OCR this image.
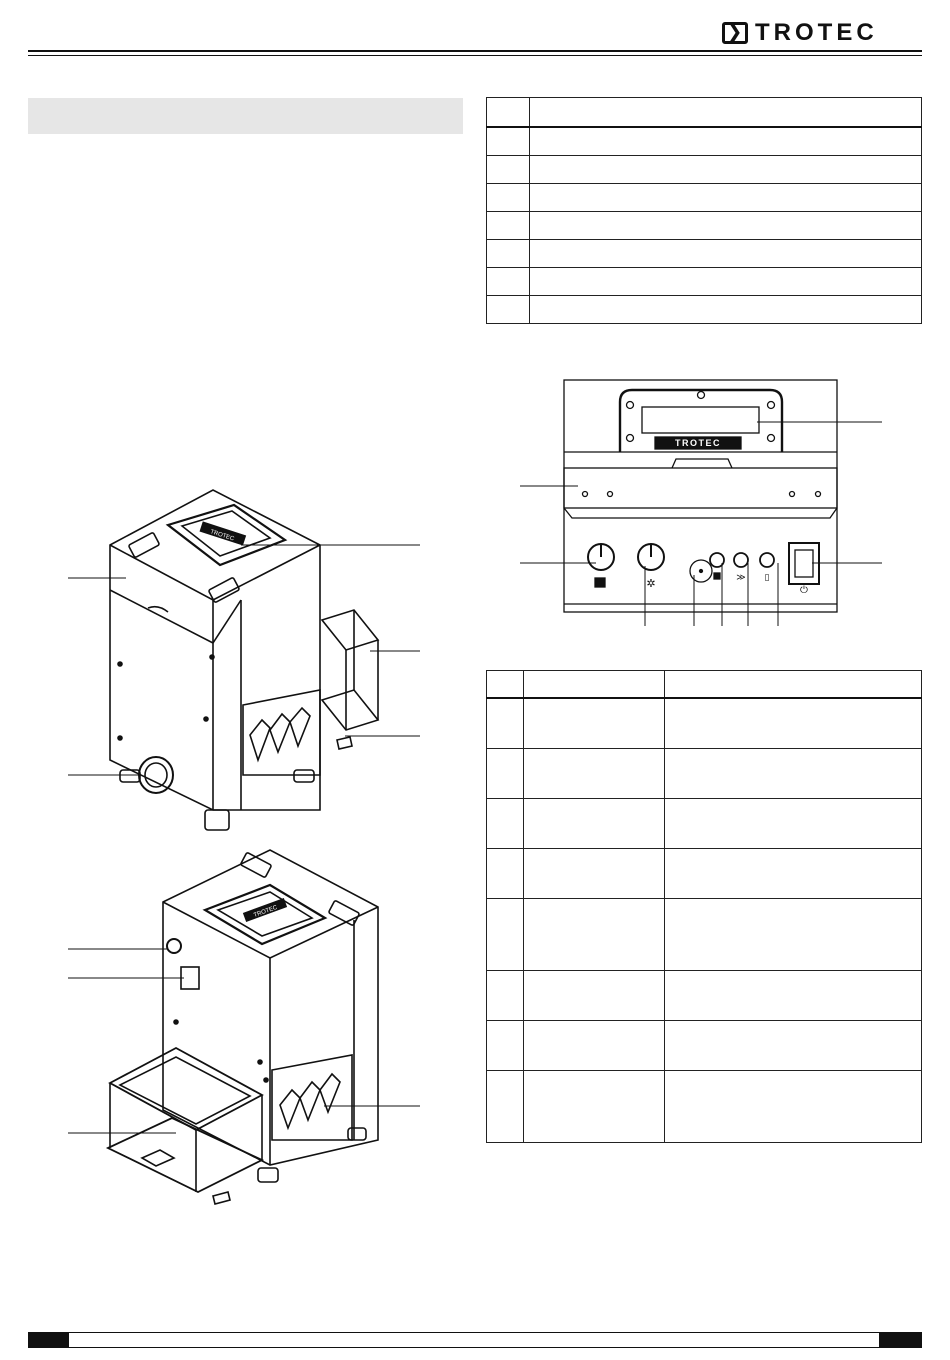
❯ TROTEC

TROTEC
✲	≫ ▯
⏻
TROTEC
TROTEC
